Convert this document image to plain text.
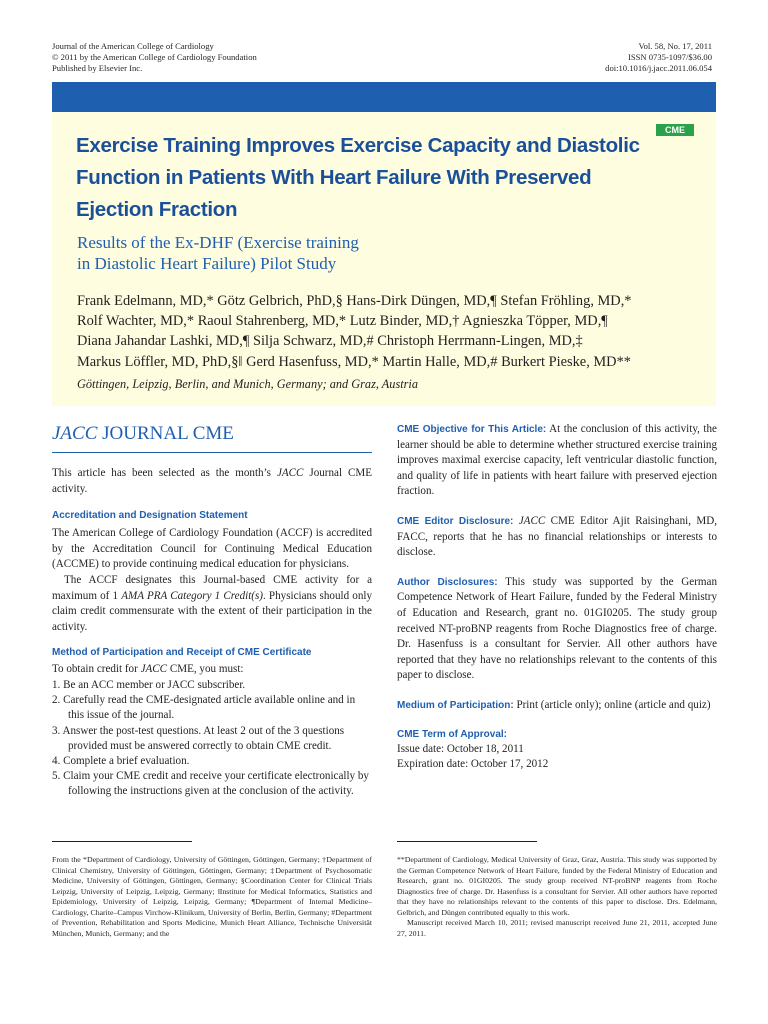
Journal of the American College of Cardiology
© 2011 by the American College of Cardiology Foundation
Published by Elsevier Inc.
Vol. 58, No. 17, 2011
ISSN 0735-1097/$36.00
doi:10.1016/j.jacc.2011.06.054
CME
Exercise Training Improves Exercise Capacity and Diastolic Function in Patients With Heart Failure With Preserved Ejection Fraction
Results of the Ex-DHF (Exercise training
in Diastolic Heart Failure) Pilot Study
Frank Edelmann, MD,* Götz Gelbrich, PhD,§ Hans-Dirk Düngen, MD,¶ Stefan Fröhling, MD,*
Rolf Wachter, MD,* Raoul Stahrenberg, MD,* Lutz Binder, MD,† Agnieszka Töpper, MD,¶
Diana Jahandar Lashki, MD,¶ Silja Schwarz, MD,# Christoph Herrmann-Lingen, MD,‡
Markus Löffler, MD, PhD,§‖ Gerd Hasenfuss, MD,* Martin Halle, MD,# Burkert Pieske, MD**
Göttingen, Leipzig, Berlin, and Munich, Germany; and Graz, Austria
JACC JOURNAL CME

This article has been selected as the month’s JACC Journal CME activity.

Accreditation and Designation Statement

The American College of Cardiology Foundation (ACCF) is accredited by the Accreditation Council for Continuing Medical Education (ACCME) to provide continuing medical education for physicians.

The ACCF designates this Journal-based CME activity for a maximum of 1 AMA PRA Category 1 Credit(s). Physicians should only claim credit commensurate with the extent of their participation in the activity.

Method of Participation and Receipt of CME Certificate

To obtain credit for JACC CME, you must:

1. Be an ACC member or JACC subscriber.
2. Carefully read the CME-designated article available online and in this issue of the journal.
3. Answer the post-test questions. At least 2 out of the 3 questions provided must be answered correctly to obtain CME credit.
4. Complete a brief evaluation.
5. Claim your CME credit and receive your certificate electronically by following the instructions given at the conclusion of the activity.

CME Objective for This Article: At the conclusion of this activity, the learner should be able to determine whether structured exercise training improves maximal exercise capacity, left ventricular diastolic function, and quality of life in patients with heart failure with preserved ejection fraction.

CME Editor Disclosure: JACC CME Editor Ajit Raisinghani, MD, FACC, reports that he has no financial relationships or interests to disclose.

Author Disclosures: This study was supported by the German Competence Network of Heart Failure, funded by the Federal Ministry of Education and Research, grant no. 01GI0205. The study group received NT-proBNP reagents from Roche Diagnostics free of charge. Dr. Hasenfuss is a consultant for Servier. All other authors have reported that they have no relationships relevant to the contents of this paper to disclose.

Medium of Participation: Print (article only); online (article and quiz)

CME Term of Approval:

Issue date: October 18, 2011

Expiration date: October 17, 2012

From the *Department of Cardiology, University of Göttingen, Göttingen, Germany; †Department of Clinical Chemistry, University of Göttingen, Göttingen, Germany; ‡Department of Psychosomatic Medicine, University of Göttingen, Göttingen, Germany; §Coordination Center for Clinical Trials Leipzig, University of Leipzig, Leipzig, Germany; ‖Institute for Medical Informatics, Statistics and Epidemiology, University of Leipzig, Leipzig, Germany; ¶Department of Internal Medicine–Cardiology, Charite–Campus Virchow-Klinikum, University of Berlin, Berlin, Germany; #Department of Prevention, Rehabilitation and Sports Medicine, Munich Heart Alliance, Technische Universität München, Munich, Germany; and the
**Department of Cardiology, Medical University of Graz, Graz, Austria. This study was supported by the German Competence Network of Heart Failure, funded by the Federal Ministry of Education and Research, grant no. 01GI0205. The study group received NT-proBNP reagents from Roche Diagnostics free of charge. Dr. Hasenfuss is a consultant for Servier. All other authors have reported that they have no relationships relevant to the contents of this paper to disclose. Drs. Edelmann, Gelbrich, and Düngen contributed equally to this work.
Manuscript received March 10, 2011; revised manuscript received June 21, 2011, accepted June 27, 2011.
